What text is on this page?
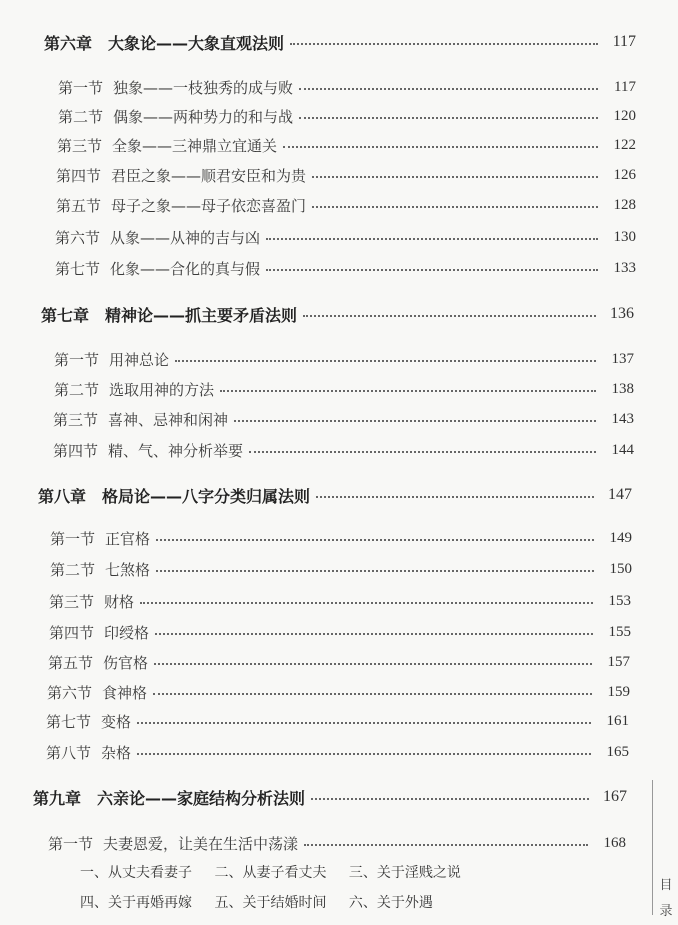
第六章 大象论——大象直观法则	117
第一节 独象——一枝独秀的成与败	117
第二节 偶象——两种势力的和与战	120
第三节 全象——三神鼎立宜通关	122
第四节 君臣之象——顺君安臣和为贵	126
第五节 母子之象——母子依恋喜盈门	128
第六节 从象——从神的吉与凶	130
第七节 化象——合化的真与假	133
第七章 精神论——抓主要矛盾法则	136
第一节 用神总论	137
第二节 选取用神的方法	138
第三节 喜神、忌神和闲神	143
第四节 精、气、神分析举要	144
第八章 格局论——八字分类归属法则	147
第一节 正官格	149
第二节 七煞格	150
第三节 财格	153
第四节 印绶格	155
第五节 伤官格	157
第六节 食神格	159
第七节 变格	161
第八节 杂格	165
第九章 六亲论——家庭结构分析法则	167
第一节 夫妻恩爱，让美在生活中荡漾	168
一、从丈夫看妻子 二、从妻子看丈夫 三、关于淫贱之说
四、关于再婚再嫁 五、关于结婚时间 六、关于外遇
目
录
